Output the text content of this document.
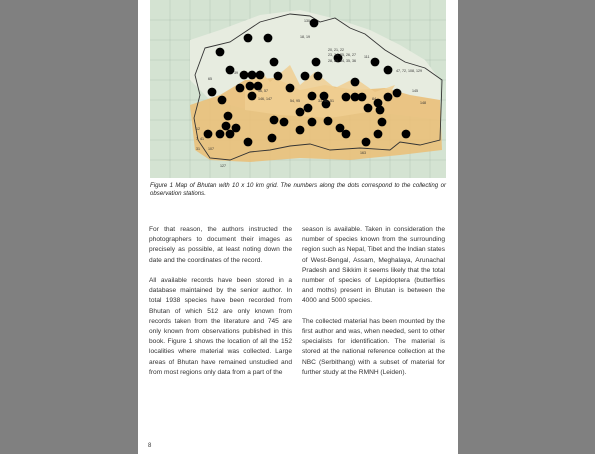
130
18, 19
20, 21, 22
23, 24, 25, 26, 27 111
28, 29, 34, 35, 36
47, 72, 108, 129
145
39
56, 57
146, 147
65
33, 50, 51	84
54, 95
12
31 107
7, 41
127
148
163
Figure 1 Map of Bhutan with 10 x 10 km grid. The numbers along the dots correspond to the collecting or observation stations.

For that reason, the authors instructed the photographers to document their images as precisely as possible, at least noting down the date and the coordinates of the record.

All available records have been stored in a database maintained by the senior author. In total 1938 species have been recorded from Bhutan of which 512 are only known from records taken from the literature and 745 are only known from observations published in this book. Figure 1 shows the location of all the 152 localities where material was collected. Large areas of Bhutan have remained unstudied and from most regions only data from a part of the

season is available. Taken in consideration the number of species known from the surrounding region such as Nepal, Tibet and the Indian states of West-Bengal, Assam, Meghalaya, Arunachal Pradesh and Sikkim it seems likely that the total number of species of Lepidoptera (butterflies and moths) present in Bhutan is between the 4000 and 5000 species.

The collected material has been mounted by the first author and was, when needed, sent to other specialists for identification. The material is stored at the national reference collection at the NBC (Serbithang) with a subset of material for further study at the RMNH (Leiden).

8
